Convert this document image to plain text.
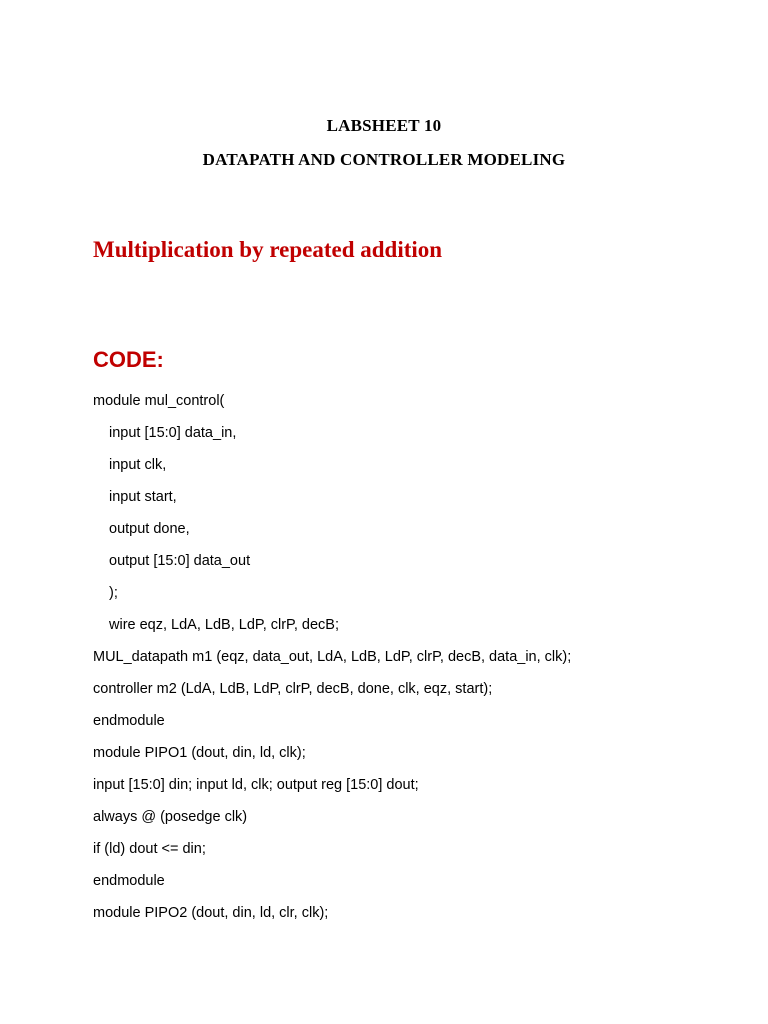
LABSHEET 10
DATAPATH AND CONTROLLER MODELING
Multiplication by repeated addition
CODE:
module mul_control(
input [15:0] data_in,
input clk,
input start,
output done,
output [15:0] data_out
);
wire eqz, LdA, LdB, LdP, clrP, decB;
MUL_datapath m1 (eqz, data_out, LdA, LdB, LdP, clrP, decB, data_in, clk);
controller m2 (LdA, LdB, LdP, clrP, decB, done, clk, eqz, start);
endmodule
module PIPO1 (dout, din, ld, clk);
input [15:0] din; input ld, clk; output reg [15:0] dout;
always @ (posedge clk)
if (ld) dout <= din;
endmodule
module PIPO2 (dout, din, ld, clr, clk);
